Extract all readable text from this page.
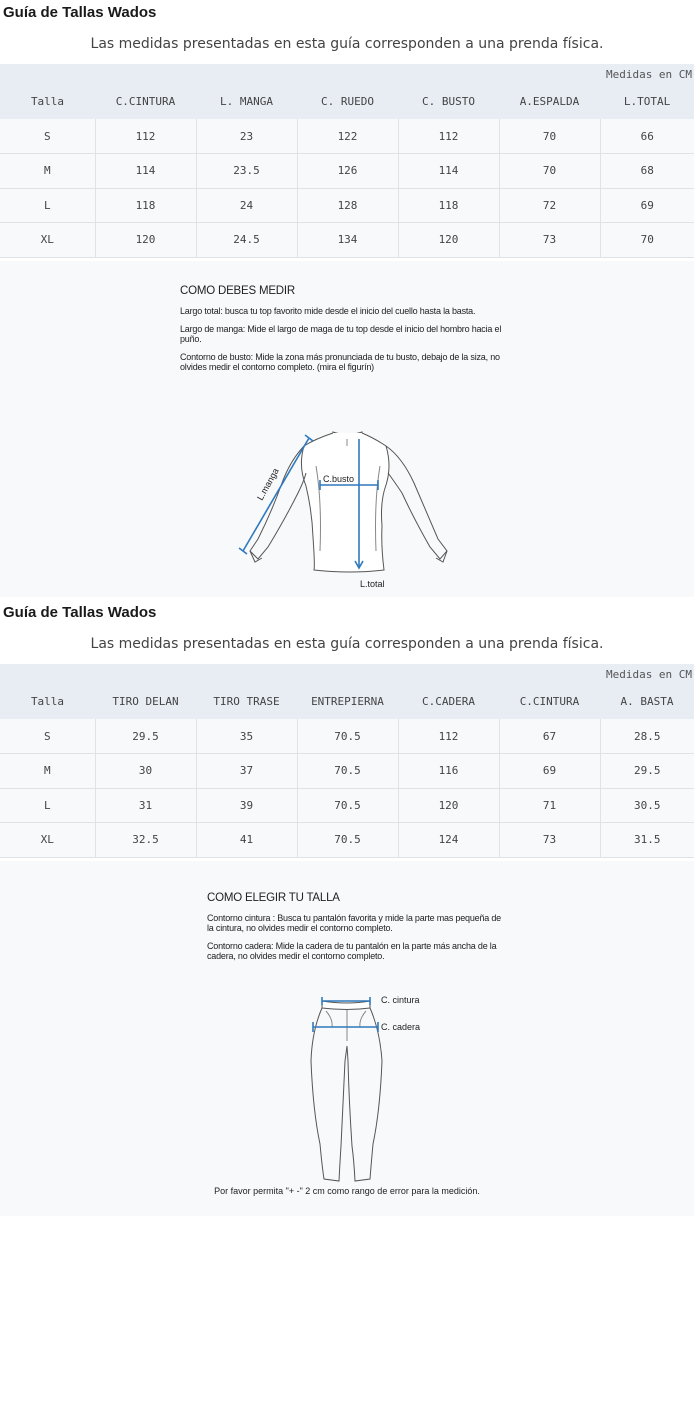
Guía de Tallas Wados
Las medidas presentadas en esta guía corresponden a una prenda física.
Medidas en CM						
Talla	C.CINTURA	L. MANGA	C. RUEDO	C. BUSTO	A.ESPALDA	L.TOTAL
S	112	23	122	112	70	66
M	114	23.5	126	114	70	68
L	118	24	128	118	72	69
XL	120	24.5	134	120	73	70
COMO DEBES MEDIR

Largo total: busca tu top favorito mide desde el inicio del cuello hasta la basta.

Largo de manga: Mide el largo de maga de tu top desde el inicio del hombro hacia el puño.

Contorno de busto: Mide la zona más pronunciada de tu busto, debajo de la siza, no olvides medir el contorno completo. (mira el figurín)

L.manga	C.busto
L.total
Guía de Tallas Wados
Las medidas presentadas en esta guía corresponden a una prenda física.
Medidas en CM						
Talla	TIRO DELAN	TIRO TRASE	ENTREPIERNA	C.CADERA	C.CINTURA	A. BASTA
S	29.5	35	70.5	112	67	28.5
M	30	37	70.5	116	69	29.5
L	31	39	70.5	120	71	30.5
XL	32.5	41	70.5	124	73	31.5
COMO ELEGIR TU TALLA

Contorno cintura : Busca tu pantalón favorita y mide la parte mas pequeña de la cintura, no olvides medir el contorno completo.

Contorno cadera: Mide la cadera de tu pantalón en la parte más ancha de la cadera, no olvides medir el contorno completo.

C. cintura
C. cadera
Por favor permita "+ -" 2 cm como rango de error para la medición.
